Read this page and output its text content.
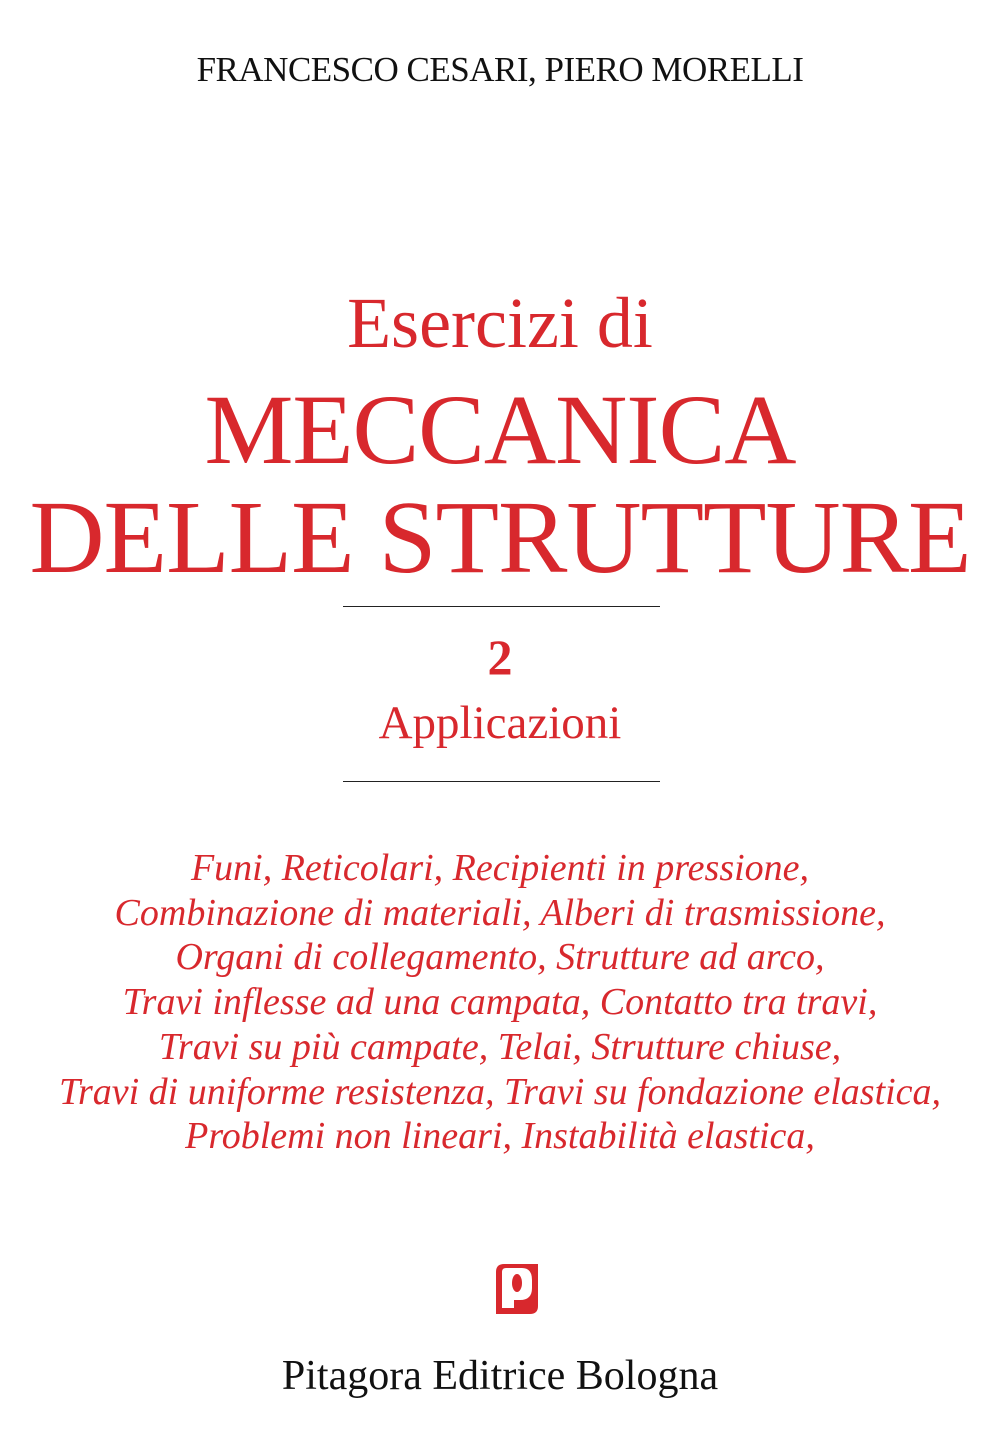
FRANCESCO CESARI, PIERO MORELLI
Esercizi di
MECCANICA
DELLE STRUTTURE
2
Applicazioni
Funi, Reticolari, Recipienti in pressione,
Combinazione di materiali, Alberi di trasmissione,
Organi di collegamento, Strutture ad arco,
Travi inflesse ad una campata, Contatto tra travi,
Travi su più campate, Telai, Strutture chiuse,
Travi di uniforme resistenza, Travi su fondazione elastica,
Problemi non lineari, Instabilità elastica,
Pitagora Editrice Bologna
